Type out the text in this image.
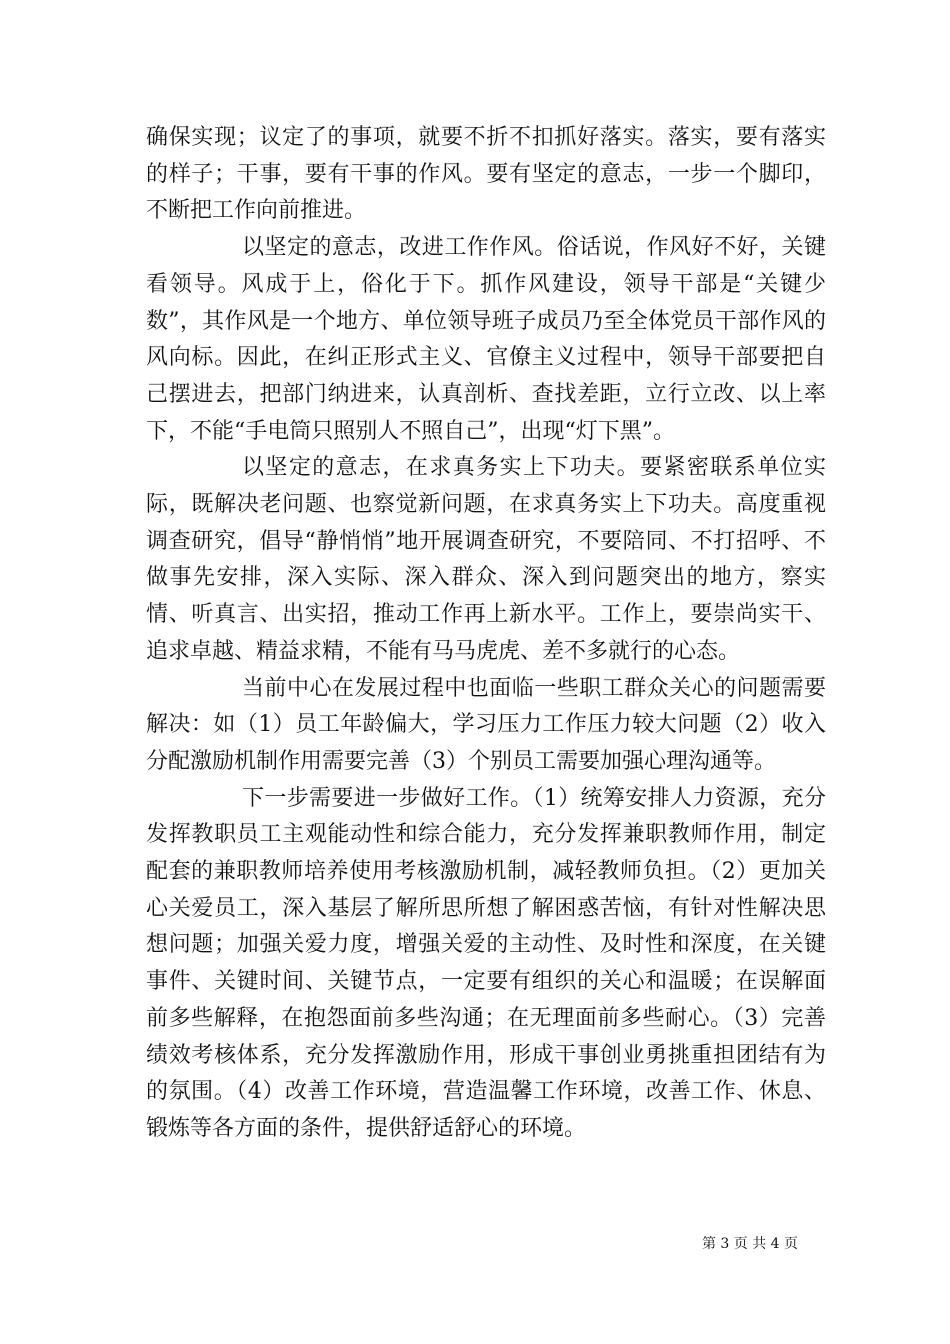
确保实现；议定了的事项，就要不折不扣抓好落实。落实，要有落实的样子；干事，要有干事的作风。要有坚定的意志，一步一个脚印，不断把工作向前推进。

以坚定的意志，改进工作作风。俗话说，作风好不好，关键看领导。风成于上，俗化于下。抓作风建设，领导干部是“关键少数”，其作风是一个地方、单位领导班子成员乃至全体党员干部作风的风向标。因此，在纠正形式主义、官僚主义过程中，领导干部要把自己摆进去，把部门纳进来，认真剖析、查找差距，立行立改、以上率下，不能“手电筒只照别人不照自己”，出现“灯下黑”。

以坚定的意志，在求真务实上下功夫。要紧密联系单位实际，既解决老问题、也察觉新问题，在求真务实上下功夫。高度重视调查研究，倡导“静悄悄”地开展调查研究，不要陪同、不打招呼、不做事先安排，深入实际、深入群众、深入到问题突出的地方，察实情、听真言、出实招，推动工作再上新水平。工作上，要崇尚实干、追求卓越、精益求精，不能有马马虎虎、差不多就行的心态。

当前中心在发展过程中也面临一些职工群众关心的问题需要解决：如（1）员工年龄偏大，学习压力工作压力较大问题（2）收入分配激励机制作用需要完善（3）个别员工需要加强心理沟通等。

下一步需要进一步做好工作。（1）统筹安排人力资源，充分发挥教职员工主观能动性和综合能力，充分发挥兼职教师作用，制定配套的兼职教师培养使用考核激励机制，减轻教师负担。（2）更加关心关爱员工，深入基层了解所思所想了解困惑苦恼，有针对性解决思想问题；加强关爱力度，增强关爱的主动性、及时性和深度，在关键事件、关键时间、关键节点，一定要有组织的关心和温暖；在误解面前多些解释，在抱怨面前多些沟通；在无理面前多些耐心。（3）完善绩效考核体系，充分发挥激励作用，形成干事创业勇挑重担团结有为的氛围。（4）改善工作环境，营造温馨工作环境，改善工作、休息、锻炼等各方面的条件，提供舒适舒心的环境。

第 3 页 共 4 页
